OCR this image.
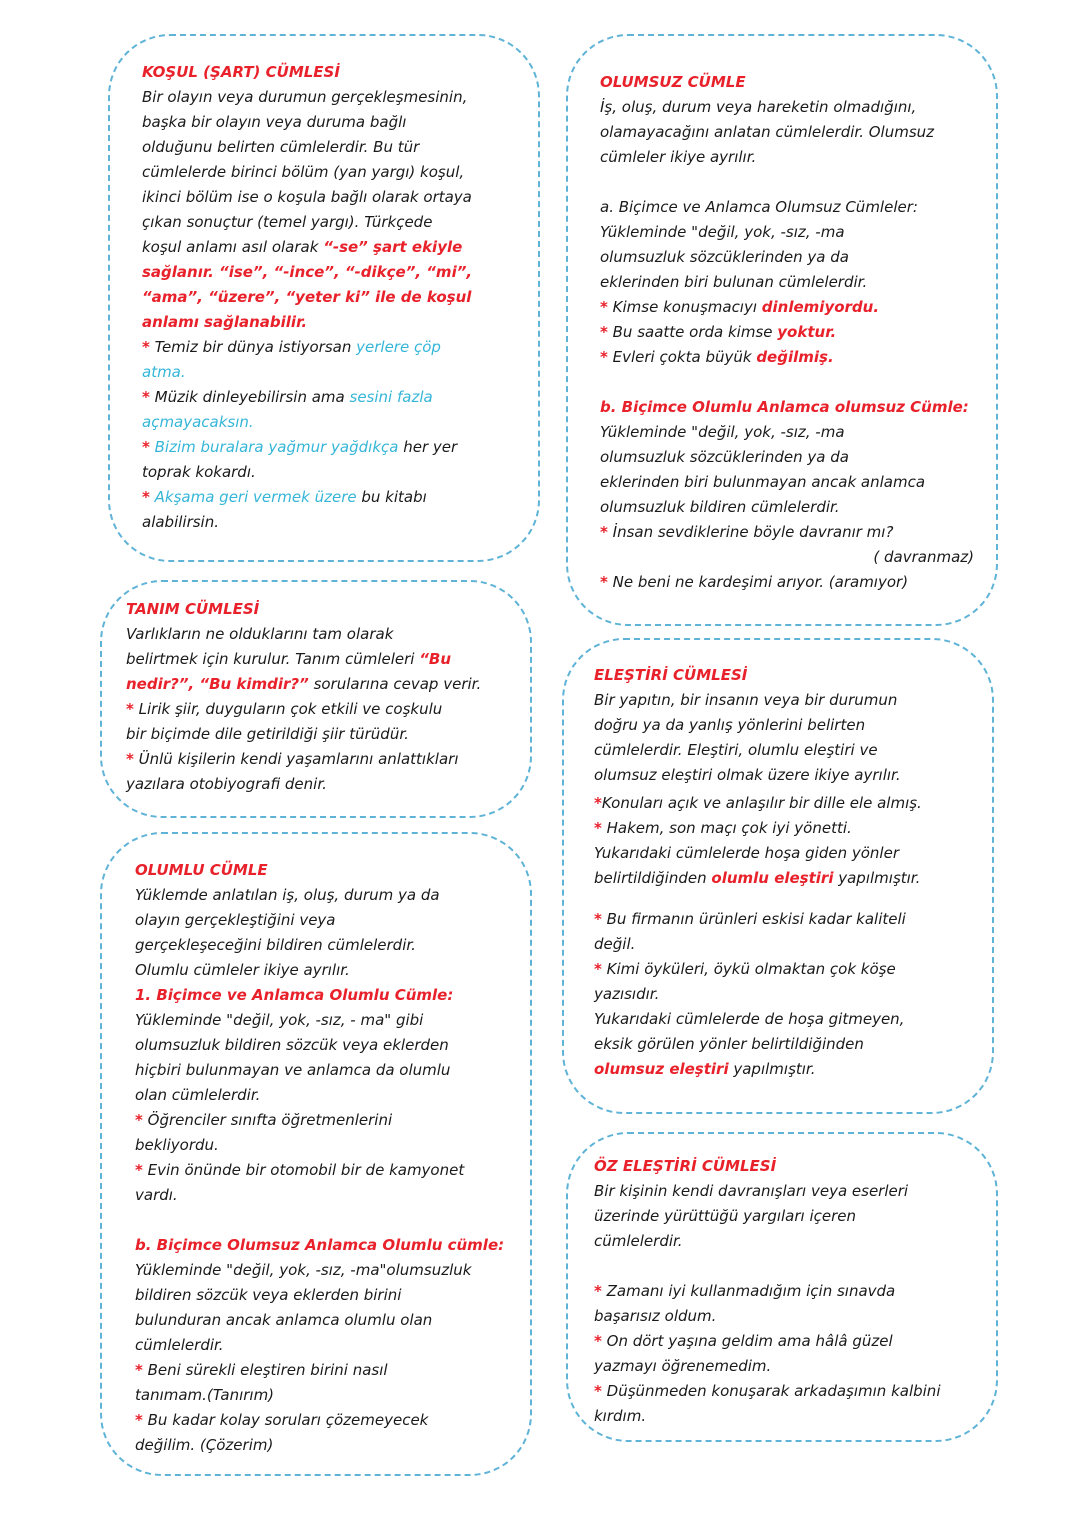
KOŞUL (ŞART) CÜMLESİ
Bir olayın veya durumun gerçekleşmesinin,
başka bir olayın veya duruma bağlı
olduğunu belirten cümlelerdir. Bu tür
cümlelerde birinci bölüm (yan yargı) koşul,
ikinci bölüm ise o koşula bağlı olarak ortaya
çıkan sonuçtur (temel yargı). Türkçede
koşul anlamı asıl olarak “-se” şart ekiyle
sağlanır. “ise”, “-ince”, “-dikçe”, “mi”,
“ama”, “üzere”, “yeter ki” ile de koşul
anlamı sağlanabilir.
* Temiz bir dünya istiyorsan yerlere çöp
atma.
* Müzik dinleyebilirsin ama sesini fazla
açmayacaksın.
* Bizim buralara yağmur yağdıkça her yer
toprak kokardı.
* Akşama geri vermek üzere bu kitabı
alabilirsin.
TANIM CÜMLESİ
Varlıkların ne olduklarını tam olarak
belirtmek için kurulur. Tanım cümleleri “Bu
nedir?”, “Bu kimdir?” sorularına cevap verir.
* Lirik şiir, duyguların çok etkili ve coşkulu
bir biçimde dile getirildiği şiir türüdür.
* Ünlü kişilerin kendi yaşamlarını anlattıkları
yazılara otobiyografi denir.
OLUMLU CÜMLE
Yüklemde anlatılan iş, oluş, durum ya da
olayın gerçekleştiğini veya
gerçekleşeceğini bildiren cümlelerdir.
Olumlu cümleler ikiye ayrılır.
1. Biçimce ve Anlamca Olumlu Cümle:
Yükleminde "değil, yok, -sız, - ma" gibi
olumsuzluk bildiren sözcük veya eklerden
hiçbiri bulunmayan ve anlamca da olumlu
olan cümlelerdir.
* Öğrenciler sınıfta öğretmenlerini
bekliyordu.
* Evin önünde bir otomobil bir de kamyonet
vardı.
b. Biçimce Olumsuz Anlamca Olumlu cümle:
Yükleminde "değil, yok, -sız, -ma"olumsuzluk
bildiren sözcük veya eklerden birini
bulunduran ancak anlamca olumlu olan
cümlelerdir.
* Beni sürekli eleştiren birini nasıl
tanımam.(Tanırım)
* Bu kadar kolay soruları çözemeyecek
değilim. (Çözerim)
OLUMSUZ CÜMLE
İş, oluş, durum veya hareketin olmadığını,
olamayacağını anlatan cümlelerdir. Olumsuz
cümleler ikiye ayrılır.
a. Biçimce ve Anlamca Olumsuz Cümleler:
Yükleminde "değil, yok, -sız, -ma
olumsuzluk sözcüklerinden ya da
eklerinden biri bulunan cümlelerdir.
* Kimse konuşmacıyı dinlemiyordu.
* Bu saatte orda kimse yoktur.
* Evleri çokta büyük değilmiş.
b. Biçimce Olumlu Anlamca olumsuz Cümle:
Yükleminde "değil, yok, -sız, -ma
olumsuzluk sözcüklerinden ya da
eklerinden biri bulunmayan ancak anlamca
olumsuzluk bildiren cümlelerdir.
* İnsan sevdiklerine böyle davranır mı?
( davranmaz)
* Ne beni ne kardeşimi arıyor. (aramıyor)
ELEŞTİRİ CÜMLESİ
Bir yapıtın, bir insanın veya bir durumun
doğru ya da yanlış yönlerini belirten
cümlelerdir. Eleştiri, olumlu eleştiri ve
olumsuz eleştiri olmak üzere ikiye ayrılır.
*Konuları açık ve anlaşılır bir dille ele almış.
* Hakem, son maçı çok iyi yönetti.
Yukarıdaki cümlelerde hoşa giden yönler
belirtildiğinden olumlu eleştiri yapılmıştır.
* Bu firmanın ürünleri eskisi kadar kaliteli
değil.
* Kimi öyküleri, öykü olmaktan çok köşe
yazısıdır.
Yukarıdaki cümlelerde de hoşa gitmeyen,
eksik görülen yönler belirtildiğinden
olumsuz eleştiri yapılmıştır.
ÖZ ELEŞTİRİ CÜMLESİ
Bir kişinin kendi davranışları veya eserleri
üzerinde yürüttüğü yargıları içeren
cümlelerdir.
* Zamanı iyi kullanmadığım için sınavda
başarısız oldum.
* On dört yaşına geldim ama hâlâ güzel
yazmayı öğrenemedim.
* Düşünmeden konuşarak arkadaşımın kalbini
kırdım.
